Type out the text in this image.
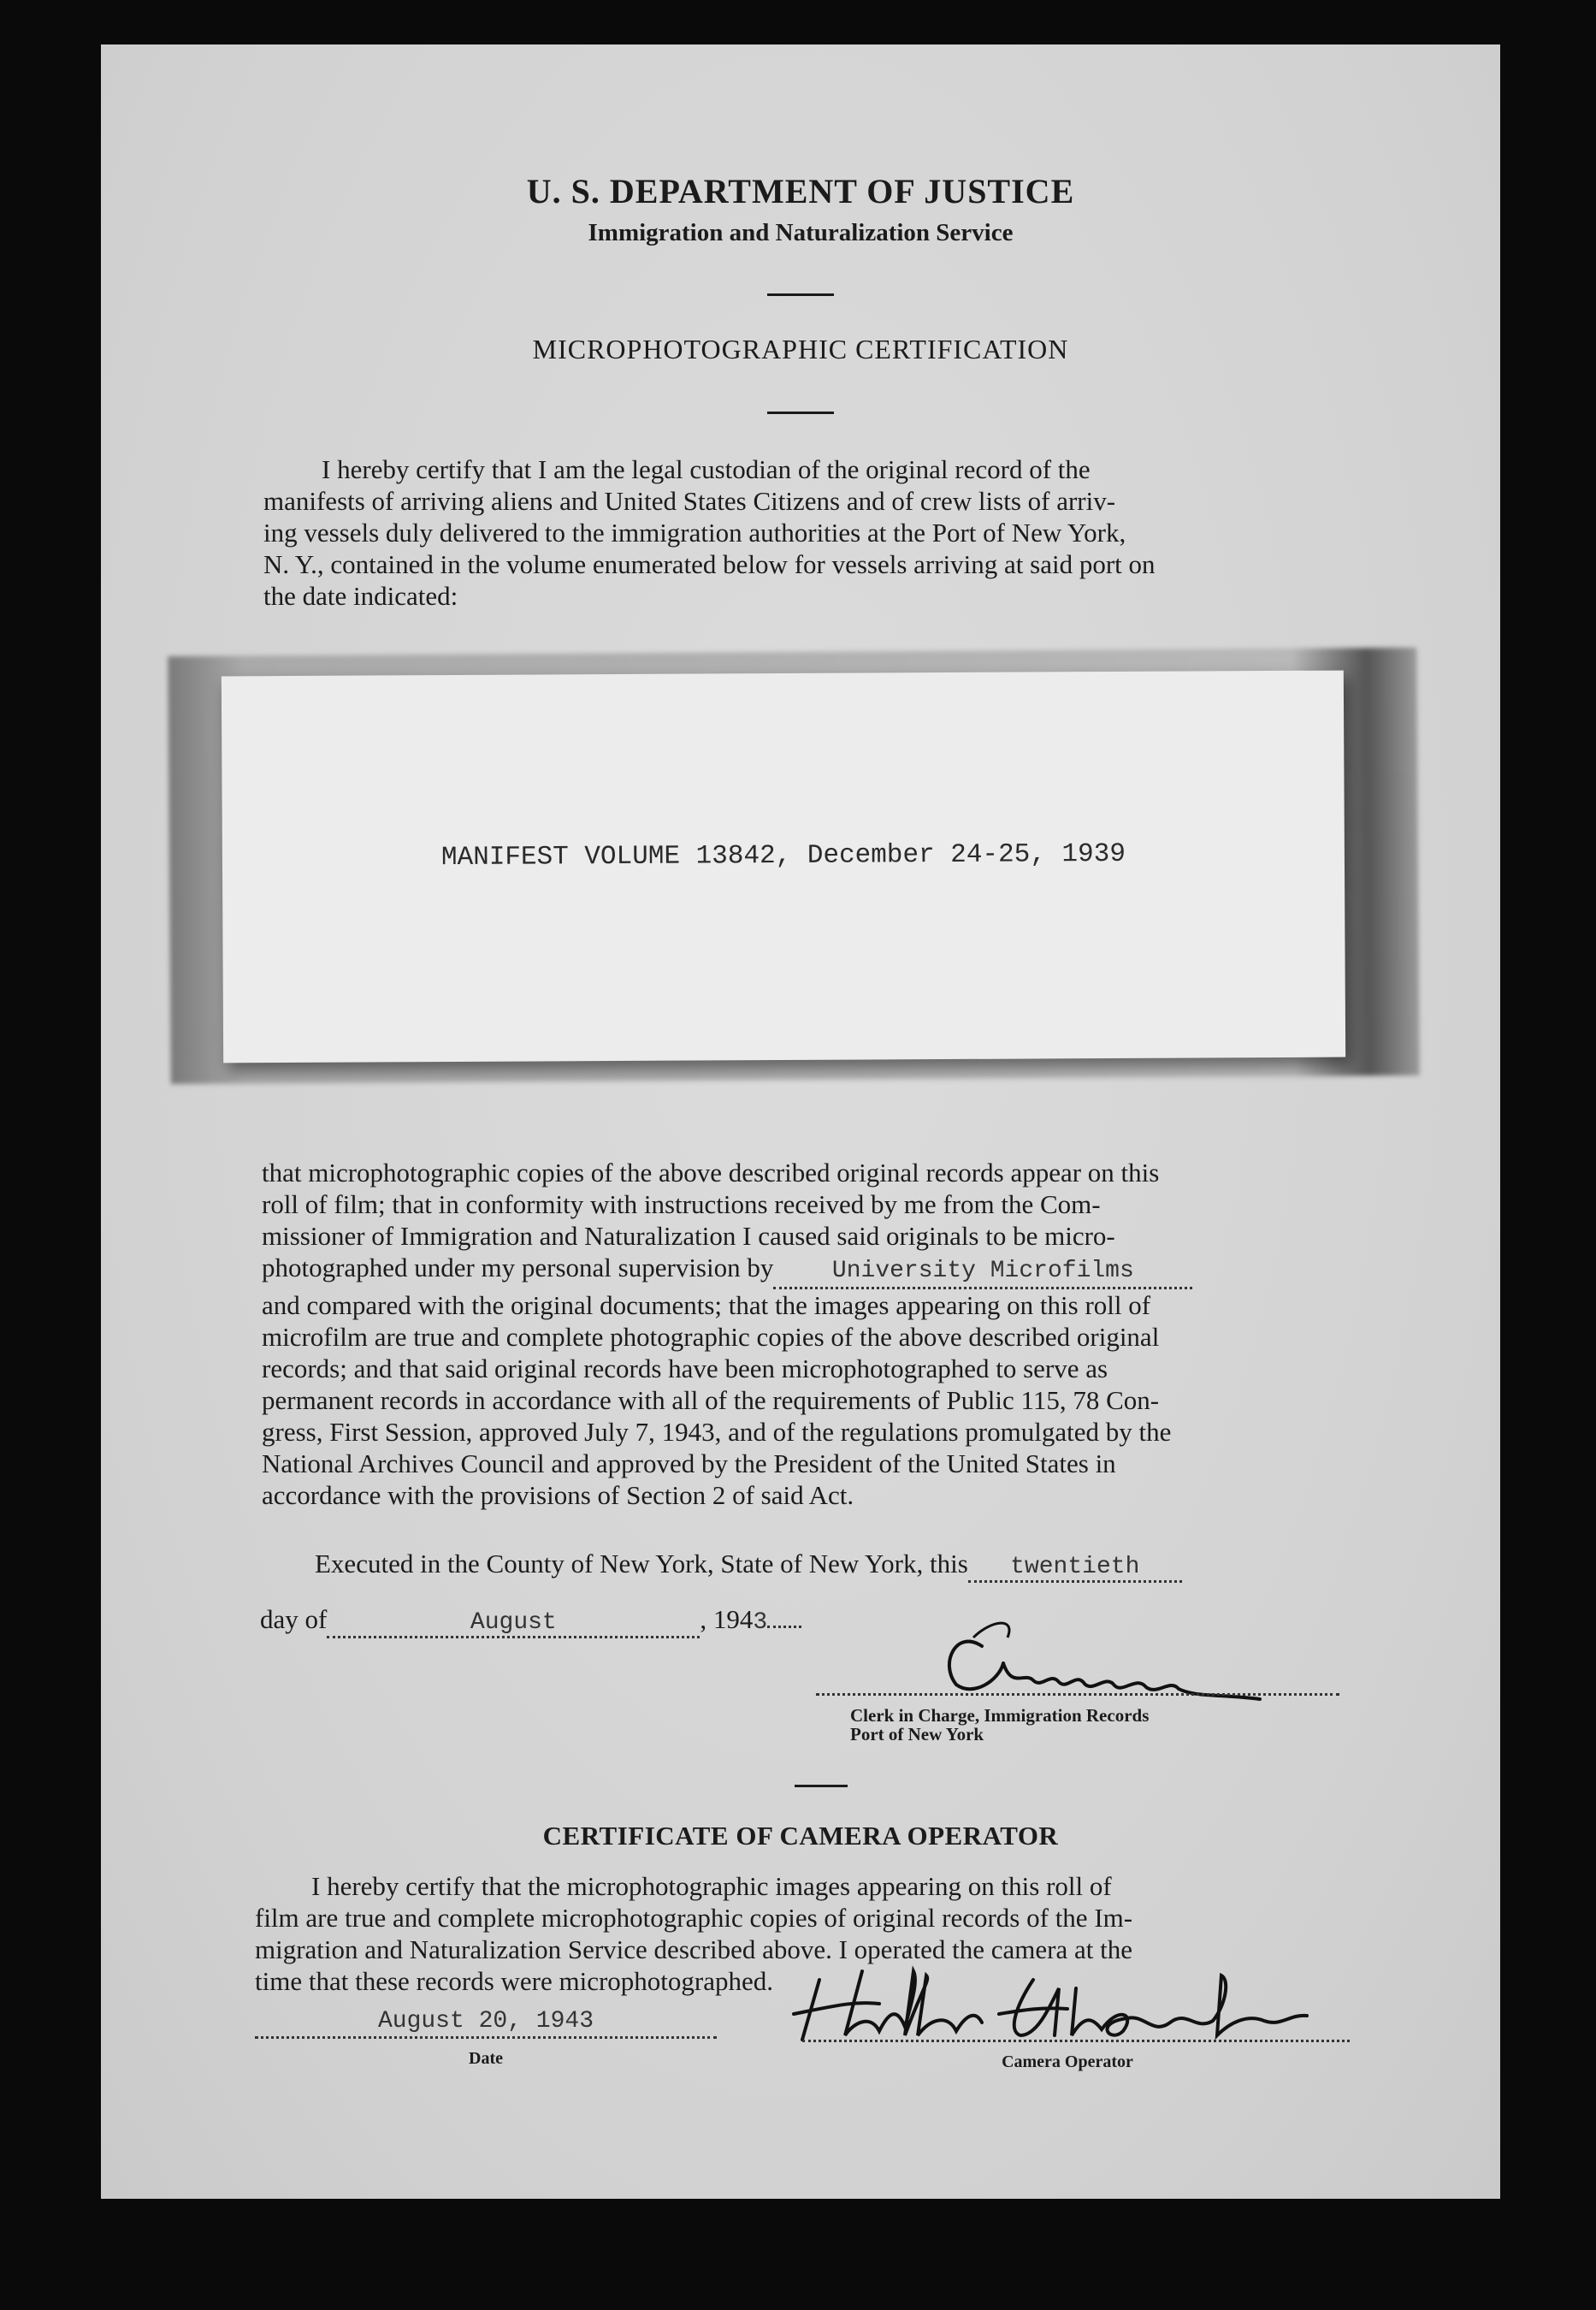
U. S. DEPARTMENT OF JUSTICE
Immigration and Naturalization Service
MICROPHOTOGRAPHIC CERTIFICATION
I hereby certify that I am the legal custodian of the original record of the
manifests of arriving aliens and United States Citizens and of crew lists of arriv-
ing vessels duly delivered to the immigration authorities at the Port of New York,
N. Y., contained in the volume enumerated below for vessels arriving at said port on
the date indicated:
MANIFEST VOLUME 13842, December 24-25, 1939
that microphotographic copies of the above described original records appear on this
roll of film; that in conformity with instructions received by me from the Com-
missioner of Immigration and Naturalization I caused said originals to be micro-
photographed under my personal supervision by University Microfilms
and compared with the original documents; that the images appearing on this roll of
microfilm are true and complete photographic copies of the above described original
records; and that said original records have been microphotographed to serve as
permanent records in accordance with all of the requirements of Public 115, 78 Con-
gress, First Session, approved July 7, 1943, and of the regulations promulgated by the
National Archives Council and approved by the President of the United States in
accordance with the provisions of Section 2 of said Act.
Executed in the County of New York, State of New York, this twentieth
day of	August	, 1943
Clerk in Charge, Immigration Records
Port of New York
CERTIFICATE OF CAMERA OPERATOR
I hereby certify that the microphotographic images appearing on this roll of
film are true and complete microphotographic copies of original records of the Im-
migration and Naturalization Service described above. I operated the camera at the
time that these records were microphotographed.
August 20, 1943
Date	Camera Operator
